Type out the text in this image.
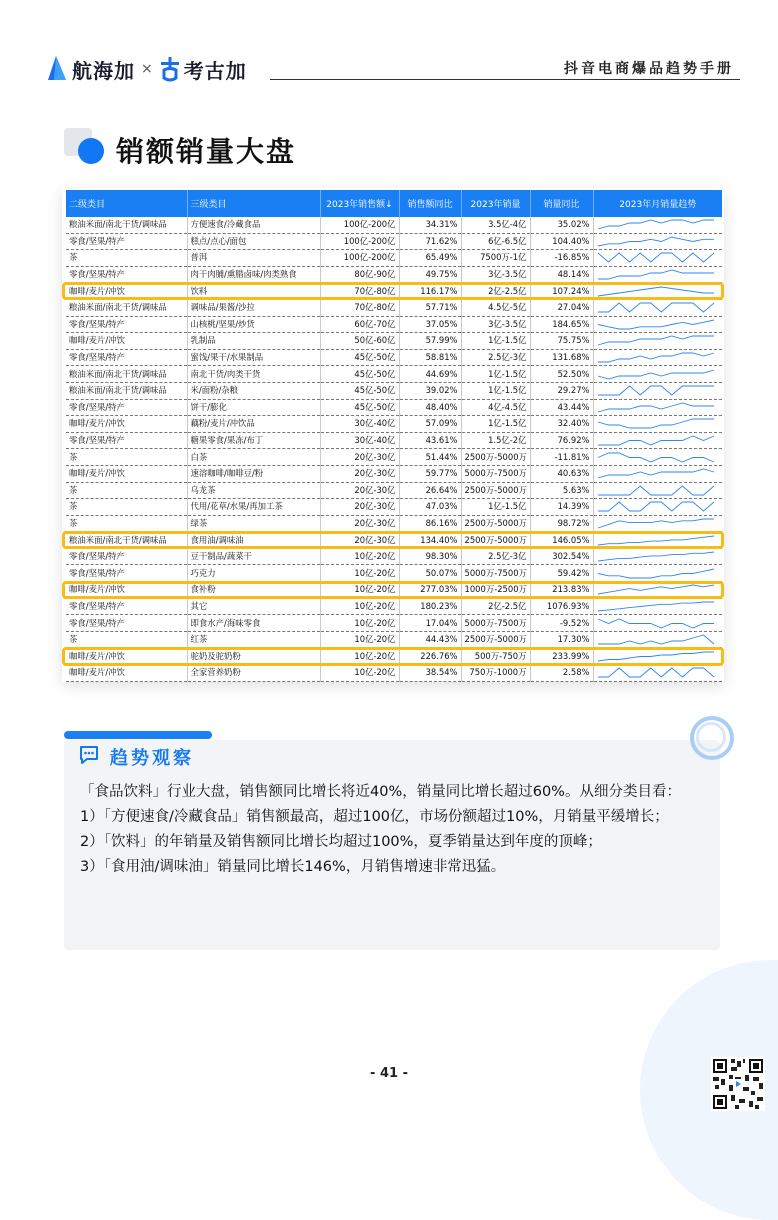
航海加 × 考古加	抖音电商爆品趋势手册
销额销量大盘
二级类目	三级类目	2023年销售额↓	销售额同比	2023年销量	销量同比	2023年月销量趋势
粮油米面/南北干货/调味品	方便速食/冷藏食品	100亿-200亿	34.31%	3.5亿-4亿	35.02%	

零食/坚果/特产	糕点/点心/面包	100亿-200亿	71.62%	6亿-6.5亿	104.40%	

茶	普洱	100亿-200亿	65.49%	7500万-1亿	-16.85%	

零食/坚果/特产	肉干肉脯/熏腊卤味/肉类熟食	80亿-90亿	49.75%	3亿-3.5亿	48.14%	

咖啡/麦片/冲饮	饮料	70亿-80亿	116.17%	2亿-2.5亿	107.24%	

粮油米面/南北干货/调味品	调味品/果酱/沙拉	70亿-80亿	57.71%	4.5亿-5亿	27.04%	

零食/坚果/特产	山核桃/坚果/炒货	60亿-70亿	37.05%	3亿-3.5亿	184.65%	

咖啡/麦片/冲饮	乳制品	50亿-60亿	57.99%	1亿-1.5亿	75.75%	

零食/坚果/特产	蜜饯/果干/水果制品	45亿-50亿	58.81%	2.5亿-3亿	131.68%	

粮油米面/南北干货/调味品	南北干货/肉类干货	45亿-50亿	44.69%	1亿-1.5亿	52.50%	

粮油米面/南北干货/调味品	米/面粉/杂粮	45亿-50亿	39.02%	1亿-1.5亿	29.27%	

零食/坚果/特产	饼干/膨化	45亿-50亿	48.40%	4亿-4.5亿	43.44%	

咖啡/麦片/冲饮	藕粉/麦片/冲饮品	30亿-40亿	57.09%	1亿-1.5亿	32.40%	

零食/坚果/特产	糖果零食/果冻/布丁	30亿-40亿	43.61%	1.5亿-2亿	76.92%	

茶	白茶	20亿-30亿	51.44%	2500万-5000万	-11.81%	

咖啡/麦片/冲饮	速溶咖啡/咖啡豆/粉	20亿-30亿	59.77%	5000万-7500万	40.63%	

茶	乌龙茶	20亿-30亿	26.64%	2500万-5000万	5.63%	

茶	代用/花草/水果/再加工茶	20亿-30亿	47.03%	1亿-1.5亿	14.39%	

茶	绿茶	20亿-30亿	86.16%	2500万-5000万	98.72%	

粮油米面/南北干货/调味品	食用油/调味油	20亿-30亿	134.40%	2500万-5000万	146.05%	

零食/坚果/特产	豆干制品/蔬菜干	10亿-20亿	98.30%	2.5亿-3亿	302.54%	

零食/坚果/特产	巧克力	10亿-20亿	50.07%	5000万-7500万	59.42%	

咖啡/麦片/冲饮	食补粉	10亿-20亿	277.03%	1000万-2500万	213.83%	

零食/坚果/特产	其它	10亿-20亿	180.23%	2亿-2.5亿	1076.93%	

零食/坚果/特产	即食水产/海味零食	10亿-20亿	17.04%	5000万-7500万	-9.52%	

茶	红茶	10亿-20亿	44.43%	2500万-5000万	17.30%	

咖啡/麦片/冲饮	驼奶及驼奶粉	10亿-20亿	226.76%	500万-750万	233.99%	

咖啡/麦片/冲饮	全家营养奶粉	10亿-20亿	38.54%	750万-1000万	2.58%	
趋势观察

「食品饮料」行业大盘，销售额同比增长将近40%，销量同比增长超过60%。从细分类目看：

1）「方便速食/冷藏食品」销售额最高，超过100亿，市场份额超过10%，月销量平缓增长；

2）「饮料」的年销量及销售额同比增长均超过100%，夏季销量达到年度的顶峰；

3）「食用油/调味油」销量同比增长146%，月销售增速非常迅猛。

- 41 -
